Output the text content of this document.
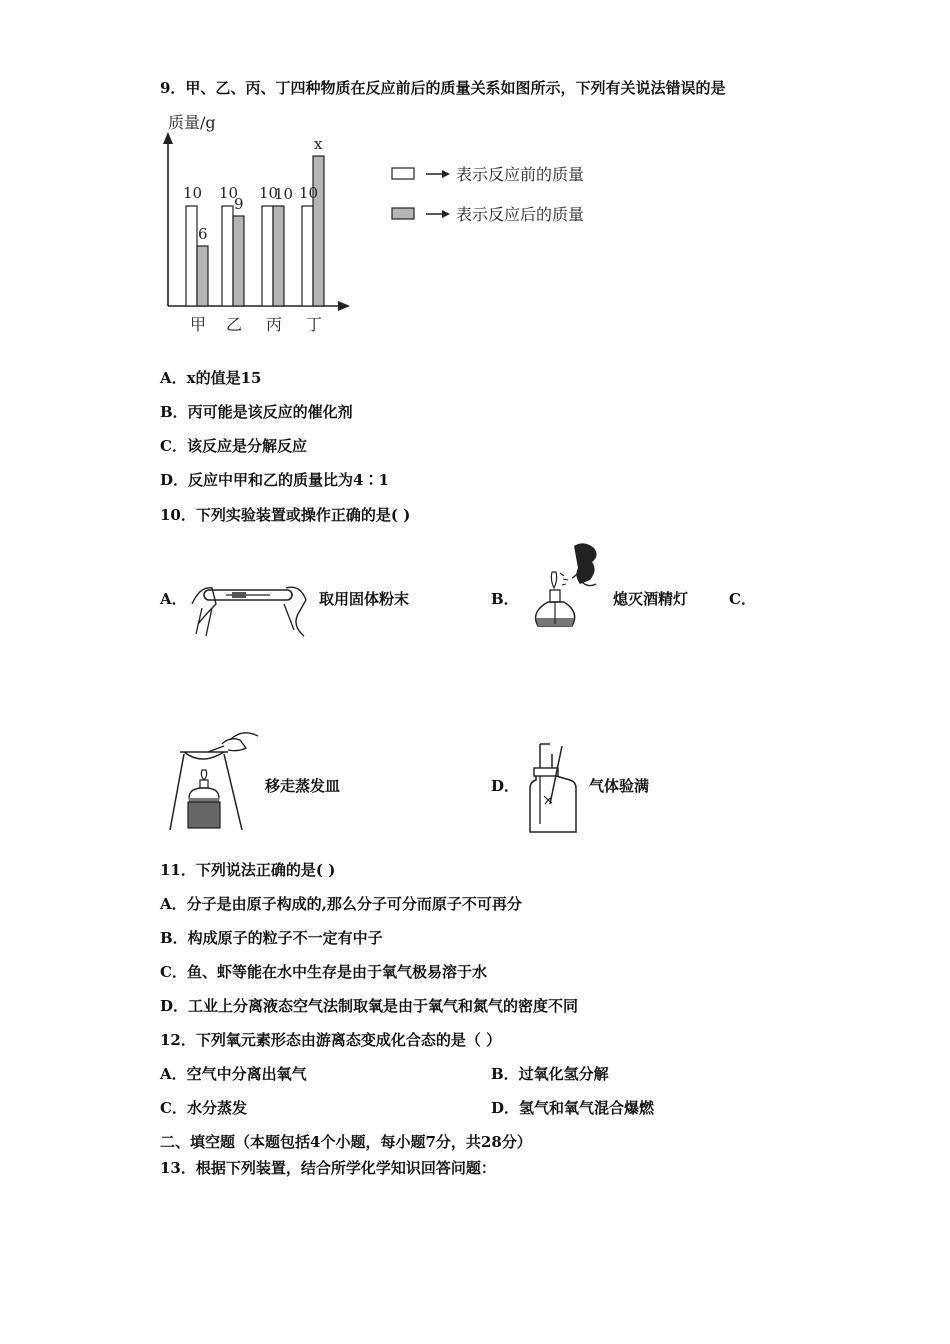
9．甲、乙、丙、丁四种物质在反应前后的质量关系如图所示，下列有关说法错误的是
质量/g
10
6
甲
10
9
乙
10
10
丙
10
x
丁
表示反应前的质量
表示反应后的质量
A．x的值是15
B．丙可能是该反应的催化剂
C．该反应是分解反应
D．反应中甲和乙的质量比为4∶1
10．下列实验装置或操作正确的是( )
A．	取用固体粉末	B．	熄灭酒精灯	C．
移走蒸发皿	D．	气体验满
11．下列说法正确的是( )
A．分子是由原子构成的,那么分子可分而原子不可再分
B．构成原子的粒子不一定有中子
C．鱼、虾等能在水中生存是由于氧气极易溶于水
D．工业上分离液态空气法制取氧是由于氧气和氮气的密度不同
12．下列氧元素形态由游离态变成化合态的是（ ）
A．空气中分离出氧气	B．过氧化氢分解
C．水分蒸发	D．氢气和氧气混合爆燃
二、填空题（本题包括4个小题，每小题7分，共28分）
13．根据下列装置，结合所学化学知识回答问题：
